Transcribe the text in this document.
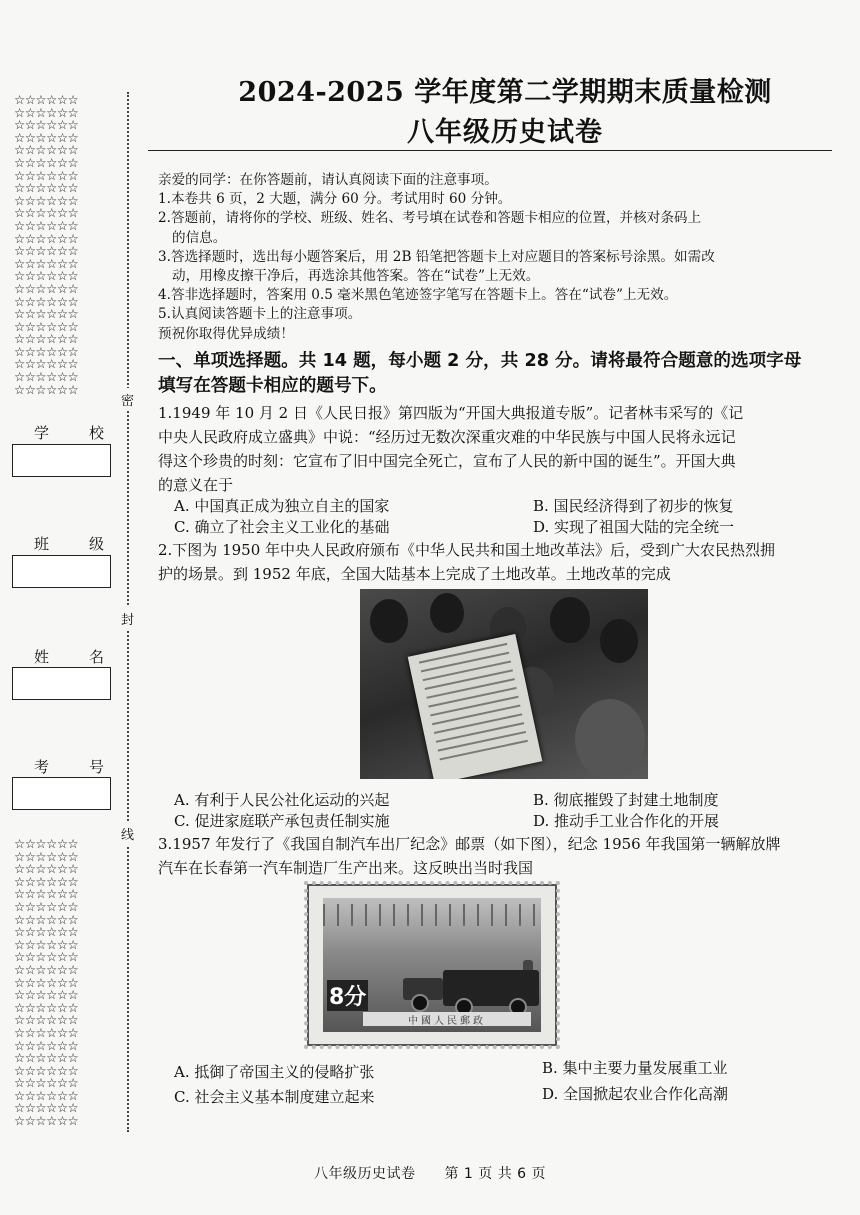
☆☆☆☆☆☆
☆☆☆☆☆☆
☆☆☆☆☆☆
☆☆☆☆☆☆
☆☆☆☆☆☆
☆☆☆☆☆☆
☆☆☆☆☆☆
☆☆☆☆☆☆
☆☆☆☆☆☆
☆☆☆☆☆☆
☆☆☆☆☆☆
☆☆☆☆☆☆
☆☆☆☆☆☆
☆☆☆☆☆☆
☆☆☆☆☆☆
☆☆☆☆☆☆
☆☆☆☆☆☆
☆☆☆☆☆☆
☆☆☆☆☆☆
☆☆☆☆☆☆
☆☆☆☆☆☆
☆☆☆☆☆☆
☆☆☆☆☆☆
☆☆☆☆☆☆
密
封
线
学	校
班	级
姓	名
考	号
☆☆☆☆☆☆
☆☆☆☆☆☆
☆☆☆☆☆☆
☆☆☆☆☆☆
☆☆☆☆☆☆
☆☆☆☆☆☆
☆☆☆☆☆☆
☆☆☆☆☆☆
☆☆☆☆☆☆
☆☆☆☆☆☆
☆☆☆☆☆☆
☆☆☆☆☆☆
☆☆☆☆☆☆
☆☆☆☆☆☆
☆☆☆☆☆☆
☆☆☆☆☆☆
☆☆☆☆☆☆
☆☆☆☆☆☆
☆☆☆☆☆☆
☆☆☆☆☆☆
☆☆☆☆☆☆
☆☆☆☆☆☆
☆☆☆☆☆☆
2024-2025 学年度第二学期期末质量检测
八年级历史试卷
亲爱的同学：在你答题前，请认真阅读下面的注意事项。
1.本卷共 6 页，2 大题，满分 60 分。考试用时 60 分钟。
2.答题前，请将你的学校、班级、姓名、考号填在试卷和答题卡相应的位置，并核对条码上
的信息。
3.答选择题时，选出每小题答案后，用 2B 铅笔把答题卡上对应题目的答案标号涂黑。如需改
动，用橡皮擦干净后，再选涂其他答案。答在“试卷”上无效。
4.答非选择题时，答案用 0.5 毫米黑色笔迹签字笔写在答题卡上。答在“试卷”上无效。
5.认真阅读答题卡上的注意事项。
预祝你取得优异成绩！
一、单项选择题。共 14 题，每小题 2 分，共 28 分。请将最符合题意的选项字母
填写在答题卡相应的题号下。
1.1949 年 10 月 2 日《人民日报》第四版为“开国大典报道专版”。记者林韦采写的《记
中央人民政府成立盛典》中说：“经历过无数次深重灾难的中华民族与中国人民将永远记
得这个珍贵的时刻：它宣布了旧中国完全死亡，宣布了人民的新中国的诞生”。开国大典
的意义在于
A. 中国真正成为独立自主的国家	B. 国民经济得到了初步的恢复
C. 确立了社会主义工业化的基础	D. 实现了祖国大陆的完全统一
2.下图为 1950 年中央人民政府颁布《中华人民共和国土地改革法》后，受到广大农民热烈拥
护的场景。到 1952 年底，全国大陆基本上完成了土地改革。土地改革的完成
A. 有利于人民公社化运动的兴起	B. 彻底摧毁了封建土地制度
C. 促进家庭联产承包责任制实施	D. 推动手工业合作化的开展
3.1957 年发行了《我国自制汽车出厂纪念》邮票（如下图），纪念 1956 年我国第一辆解放牌
汽车在长春第一汽车制造厂生产出来。这反映出当时我国
8分
中國人民郵政
A. 抵御了帝国主义的侵略扩张	B. 集中主要力量发展重工业
C. 社会主义基本制度建立起来	D. 全国掀起农业合作化高潮
八年级历史试卷　　第 1 页 共 6 页
